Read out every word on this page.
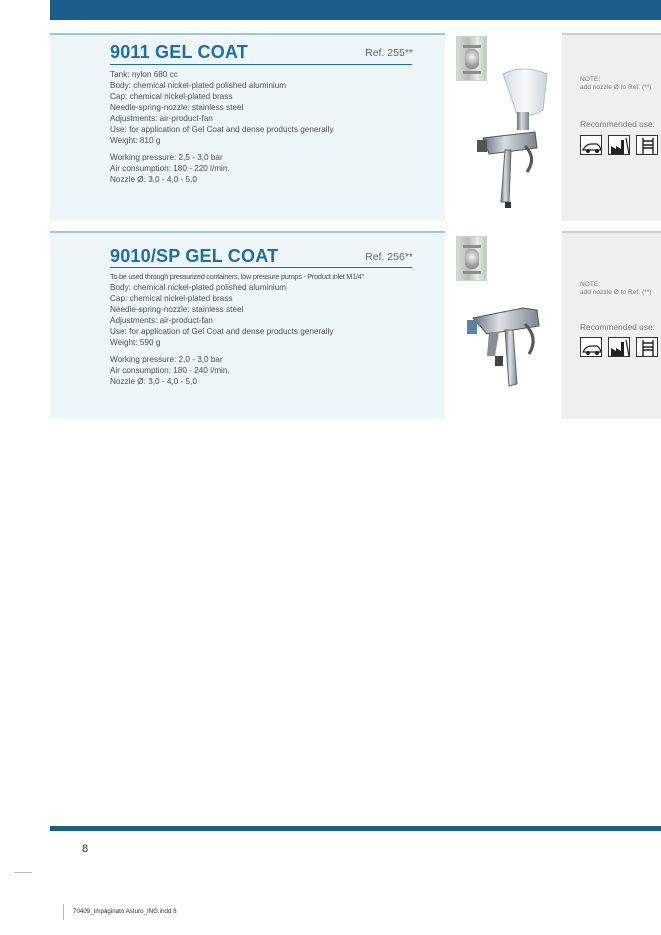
9011 GEL COAT	Ref. 255**
Tank: nylon 680 cc
Body: chemical nickel-plated polished aluminium
Cap: chemical nickel-plated brass
Needle-spring-nozzle: stainless steel
Adjustments: air-product-fan
Use: for application of Gel Coat and dense products generally
Weight: 810 g
Working pressure: 2,5 - 3,0 bar
Air consumption: 180 - 220 l/min.
Nozzle Ø: 3,0 - 4,0 - 5,0
NOTE:
add nozzle Ø to Ref. (**)
Recommended use:
9010/SP GEL COAT	Ref. 256**
To be used through pressurized containers, low pressure pumps - Product inlet M1/4"
Body: chemical nickel-plated polished aluminium
Cap: chemical nickel-plated brass
Needle-spring-nozzle: stainless steel
Adjustments: air-product-fan
Use: for application of Gel Coat and dense products generally
Weight: 590 g
Working pressure: 2,0 - 3,0 bar
Air consumption: 180 - 240 l/min.
Nozzle Ø: 3,0 - 4,0 - 5,0
NOTE:
add nozzle Ø to Ref. (**)
Recommended use:
8
70409_Impaginato Asturo_ING.indd 8
